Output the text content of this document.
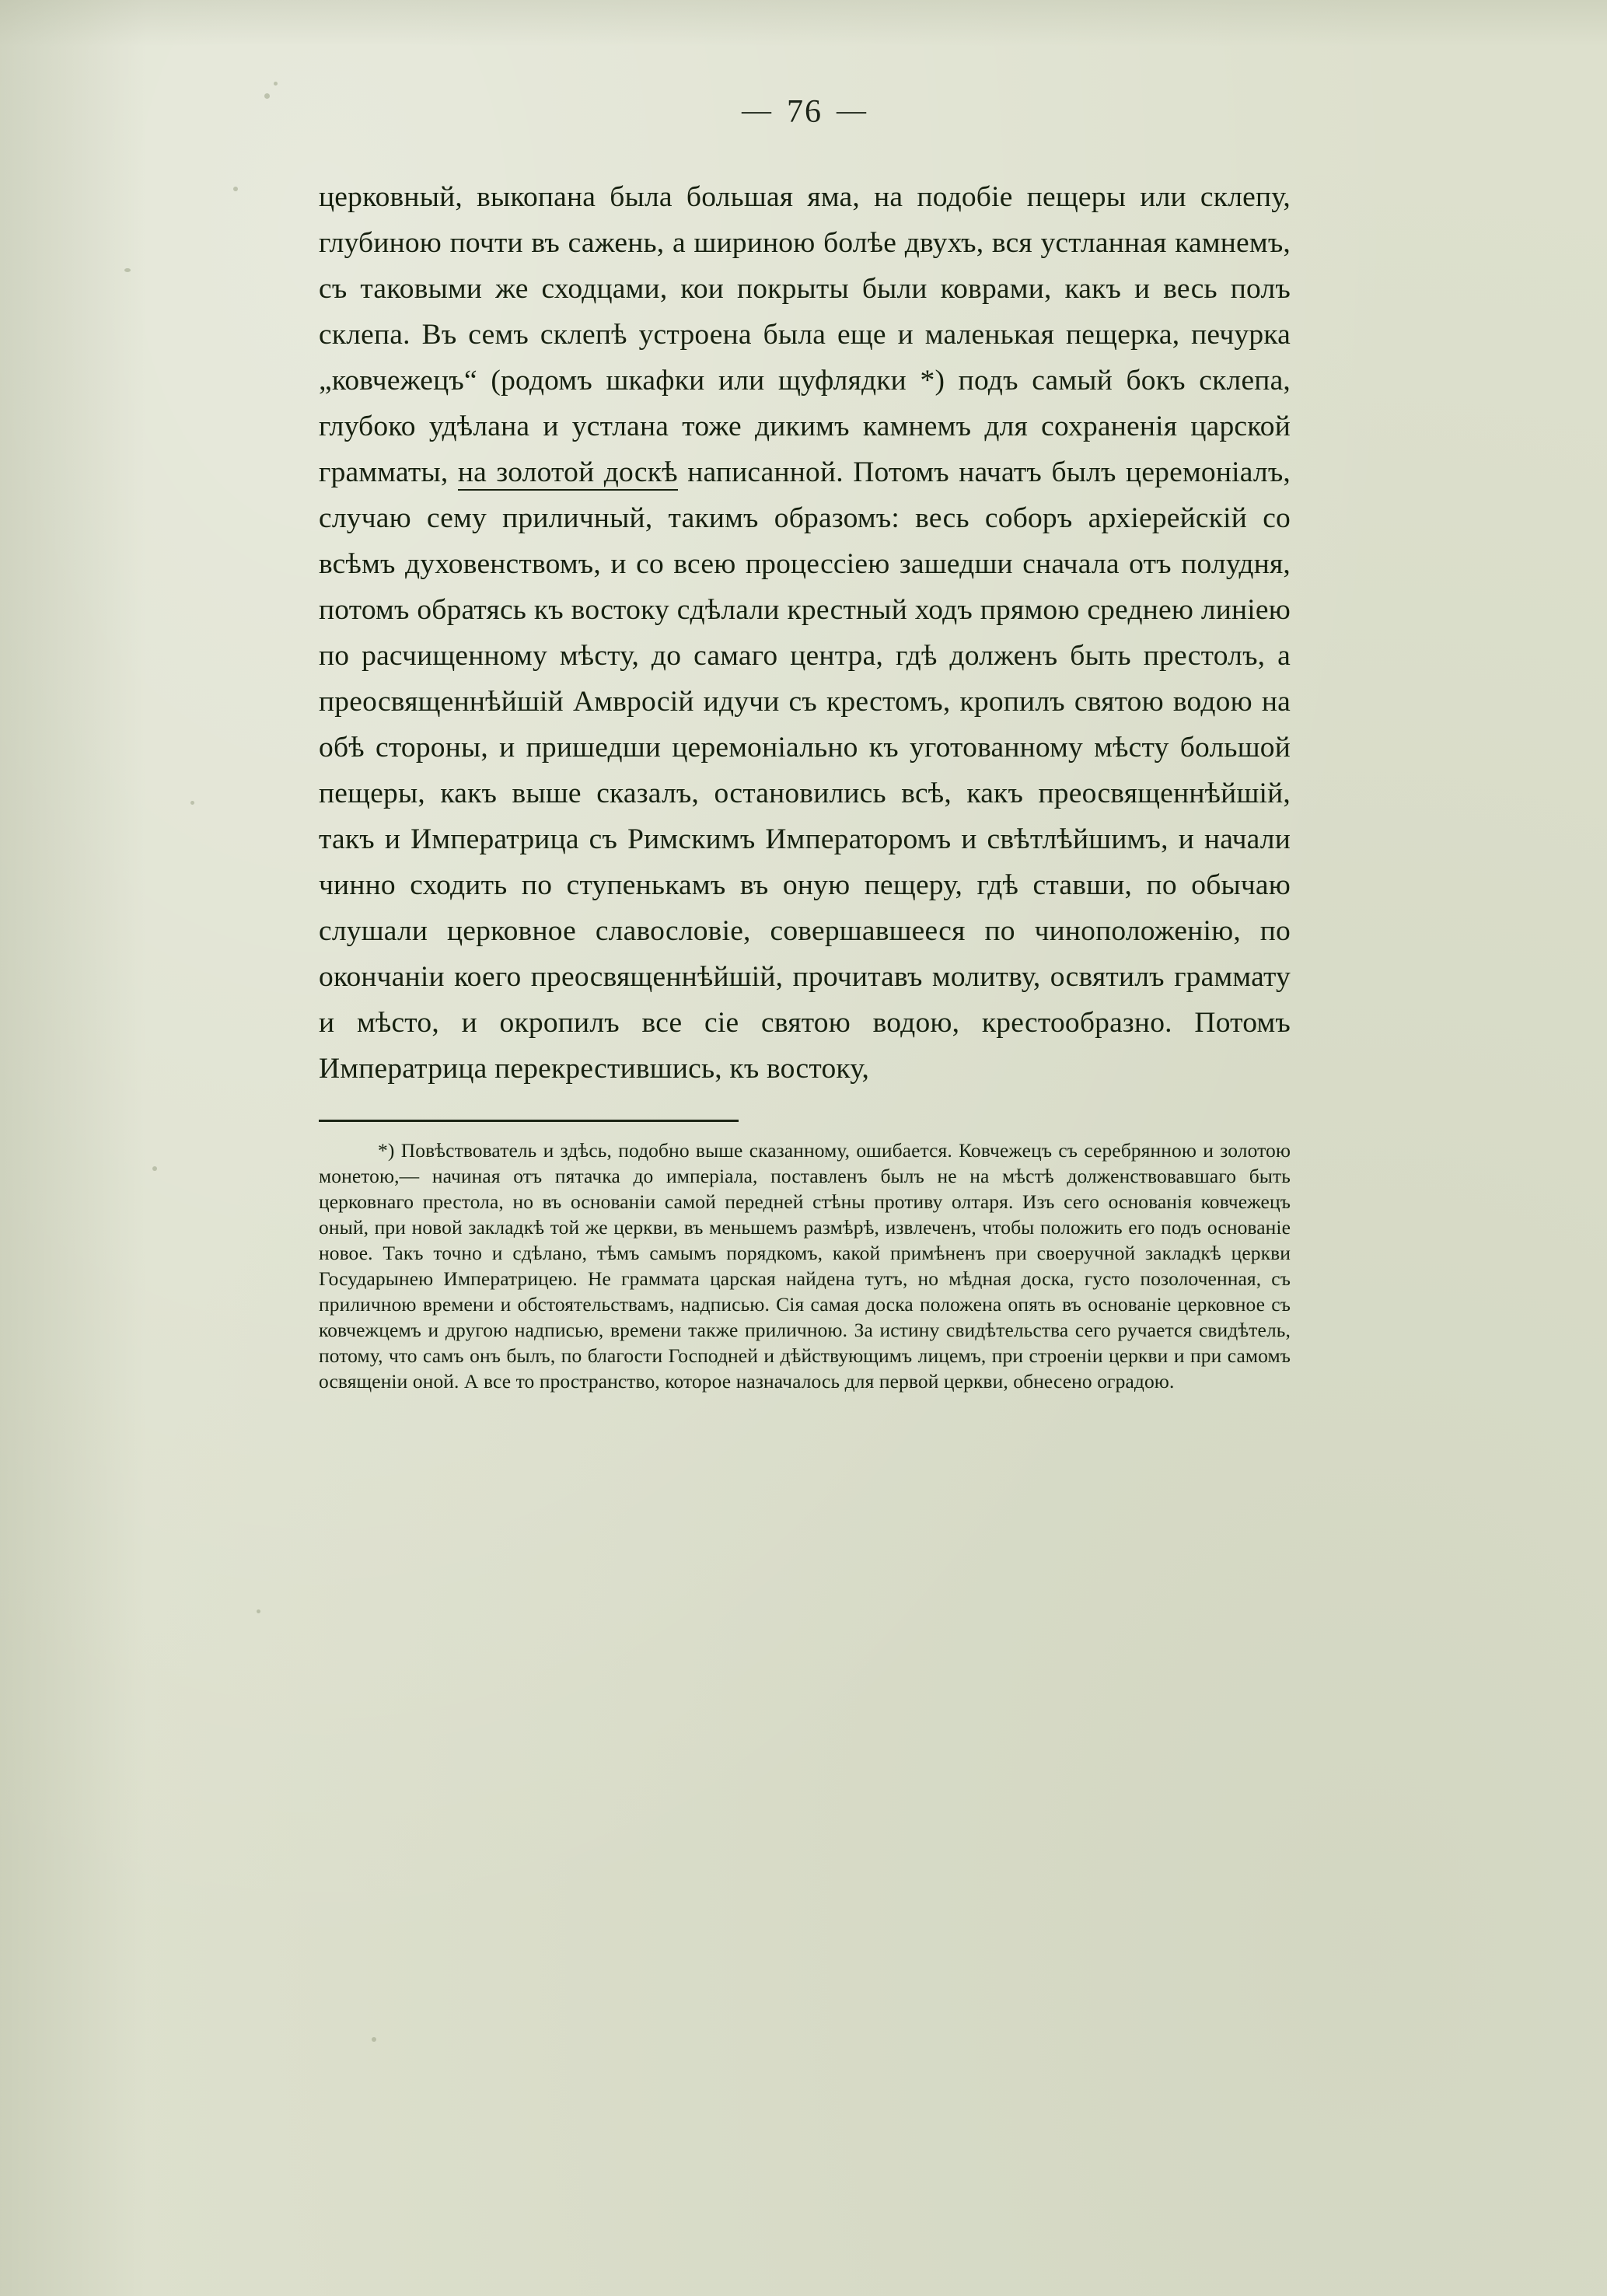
— 76 —

церковный, выкопана была большая яма, на подобіе пещеры или склепу, глубиною почти въ сажень, а шириною болѣе двухъ, вся устланная камнемъ, съ таковыми же сходцами, кои покрыты были коврами, какъ и весь полъ склепа. Въ семъ склепѣ устроена была еще и маленькая пещерка, печурка „ковчежецъ“ (родомъ шкафки или щуфлядки *) подъ самый бокъ склепа, глубоко удѣлана и устлана тоже дикимъ камнемъ для сохраненія царской грамматы, на золотой доскѣ написанной. Потомъ начатъ былъ церемоніалъ, случаю сему приличный, такимъ образомъ: весь соборъ архіерейскій со всѣмъ духовенствомъ, и со всею процессіею зашедши сначала отъ полудня, потомъ обратясь къ востоку сдѣлали крестный ходъ прямою среднею линіею по расчищенному мѣсту, до самаго центра, гдѣ долженъ быть престолъ, а преосвященнѣйшій Амвросій идучи съ крестомъ, кропилъ святою водою на обѣ стороны, и пришедши церемоніально къ уготованному мѣсту большой пещеры, какъ выше сказалъ, остановились всѣ, какъ преосвященнѣйшій, такъ и Императрица съ Римскимъ Императоромъ и свѣтлѣйшимъ, и начали чинно сходить по ступенькамъ въ оную пещеру, гдѣ ставши, по обычаю слушали церковное славословіе, совершавшееся по чиноположенію, по окончаніи коего преосвященнѣйшій, прочитавъ молитву, освятилъ граммату и мѣсто, и окропилъ все сіе святою водою, крестообразно. Потомъ Императрица перекрестившись, къ востоку,

*) Повѣствователь и здѣсь, подобно выше сказанному, ошибается. Ковчежецъ съ серебрянною и золотою монетою,— начиная отъ пятачка до имперіала, поставленъ былъ не на мѣстѣ долженствовавшаго быть церковнаго престола, но въ основаніи самой передней стѣны противу олтаря. Изъ сего основанія ковчежецъ оный, при новой закладкѣ той же церкви, въ меньшемъ размѣрѣ, извлеченъ, чтобы положить его подъ основаніе новое. Такъ точно и сдѣлано, тѣмъ самымъ порядкомъ, какой примѣненъ при своеручной закладкѣ церкви Государынею Императрицею. Не граммата царская найдена тутъ, но мѣдная доска, густо позолоченная, съ приличною времени и обстоятельствамъ, надписью. Сія самая доска положена опять въ основаніе церковное съ ковчежцемъ и другою надписью, времени также приличною. За истину свидѣтельства сего ручается свидѣтель, потому, что самъ онъ былъ, по благости Господней и дѣйствующимъ лицемъ, при строеніи церкви и при самомъ освященіи оной. А все то пространство, которое назначалось для первой церкви, обнесено оградою.
